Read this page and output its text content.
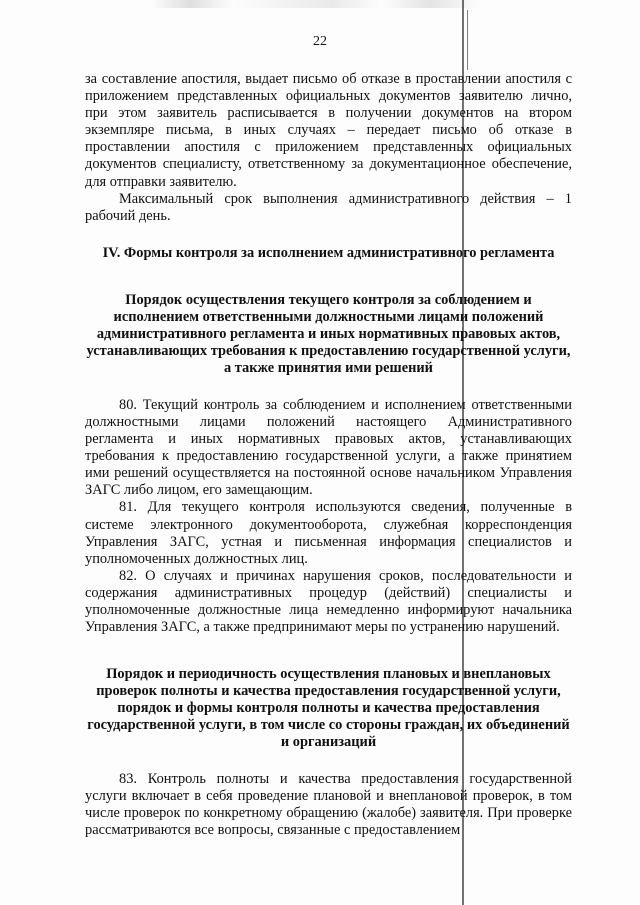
22

за составление апостиля, выдает письмо об отказе в проставлении апостиля с приложением представленных официальных документов заявителю лично, при этом заявитель расписывается в получении документов на втором экземпляре письма, в иных случаях – передает письмо об отказе в проставлении апостиля с приложением представленных официальных документов специалисту, ответственному за документационное обеспечение, для отправки заявителю.

Максимальный срок выполнения административного действия – 1 рабочий день.

IV. Формы контроля за исполнением административного регламента
Порядок осуществления текущего контроля за соблюдением и исполнением ответственными должностными лицами положений административного регламента и иных нормативных правовых актов, устанавливающих требования к предоставлению государственной услуги, а также принятия ими решений

80. Текущий контроль за соблюдением и исполнением ответственными должностными лицами положений настоящего Административного регламента и иных нормативных правовых актов, устанавливающих требования к предоставлению государственной услуги, а также принятием ими решений осуществляется на постоянной основе начальником Управления ЗАГС либо лицом, его замещающим.

81. Для текущего контроля используются сведения, полученные в системе электронного документооборота, служебная корреспонденция Управления ЗАГС, устная и письменная информация специалистов и уполномоченных должностных лиц.

82. О случаях и причинах нарушения сроков, последовательности и содержания административных процедур (действий) специалисты и уполномоченные должностные лица немедленно информируют начальника Управления ЗАГС, а также предпринимают меры по устранению нарушений.

Порядок и периодичность осуществления плановых и внеплановых проверок полноты и качества предоставления государственной услуги, порядок и формы контроля полноты и качества предоставления государственной услуги, в том числе со стороны граждан, их объединений и организаций

83. Контроль полноты и качества предоставления государственной услуги включает в себя проведение плановой и внеплановой проверок, в том числе проверок по конкретному обращению (жалобе) заявителя. При проверке рассматриваются все вопросы, связанные с предоставлением
